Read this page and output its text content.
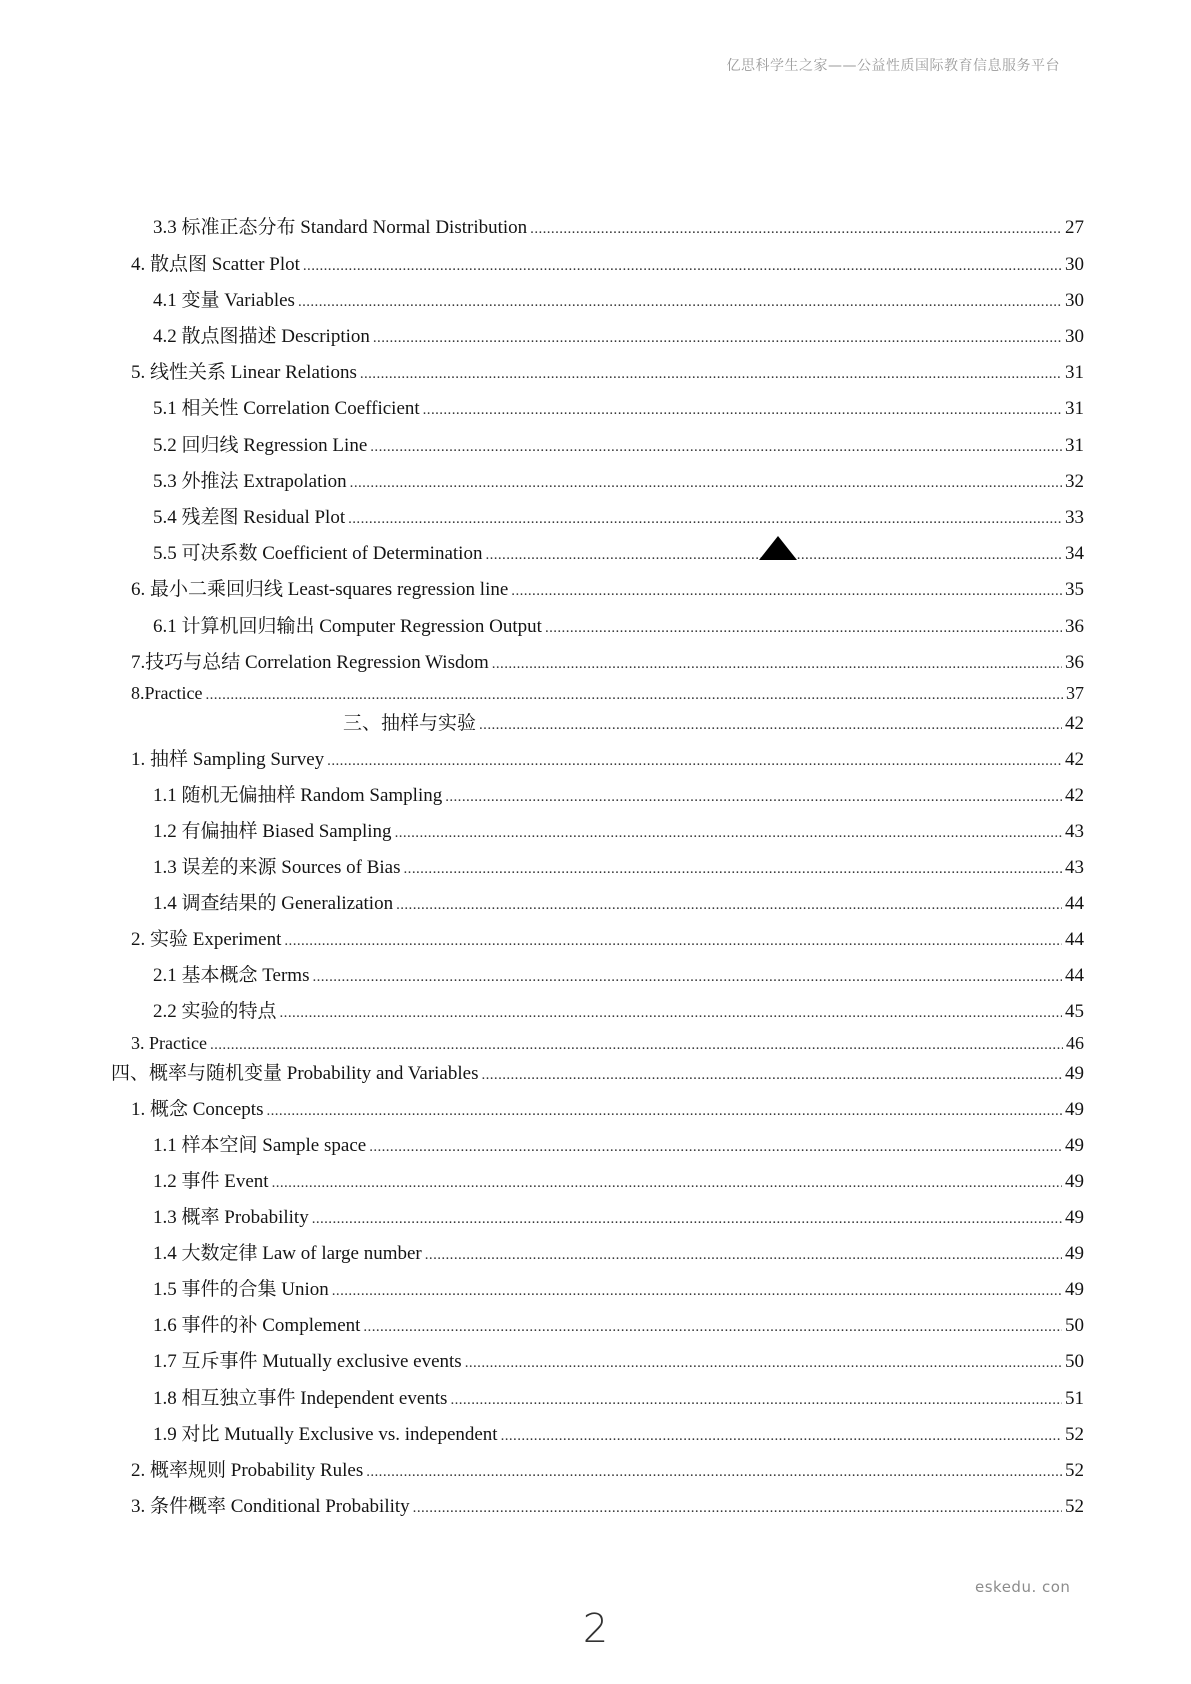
亿思科学生之家——公益性质国际教育信息服务平台
3.3 标准正态分布 Standard Normal Distribution .....	27
4. 散点图 Scatter Plot .....	30
4.1 变量 Variables .....	30
4.2 散点图描述 Description .....	30
5. 线性关系 Linear Relations .....	31
5.1 相关性 Correlation Coefficient .....	31
5.2 回归线 Regression Line .....	31
5.3 外推法 Extrapolation .....	32
5.4 残差图 Residual Plot .....	33
5.5 可决系数 Coefficient of Determination .....	34
6. 最小二乘回归线 Least-squares regression line .....	35
6.1 计算机回归输出 Computer Regression Output .....	36
7.技巧与总结 Correlation Regression Wisdom .....	36
8.Practice .....	37
三、抽样与实验 .....	42
1. 抽样 Sampling Survey .....	42
1.1 随机无偏抽样 Random Sampling .....	42
1.2 有偏抽样 Biased Sampling .....	43
1.3 误差的来源 Sources of Bias .....	43
1.4 调查结果的 Generalization .....	44
2. 实验 Experiment .....	44
2.1 基本概念 Terms .....	44
2.2 实验的特点 .....	45
3. Practice .....	46
四、概率与随机变量 Probability and Variables .....	49
1. 概念 Concepts .....	49
1.1 样本空间 Sample space .....	49
1.2 事件 Event .....	49
1.3 概率 Probability .....	49
1.4 大数定律 Law of large number .....	49
1.5 事件的合集 Union .....	49
1.6 事件的补 Complement .....	50
1.7 互斥事件 Mutually exclusive events .....	50
1.8 相互独立事件 Independent events .....	51
1.9 对比 Mutually Exclusive vs. independent .....	52
2. 概率规则 Probability Rules .....	52
3. 条件概率 Conditional Probability .....	52
eskedu. con
2
